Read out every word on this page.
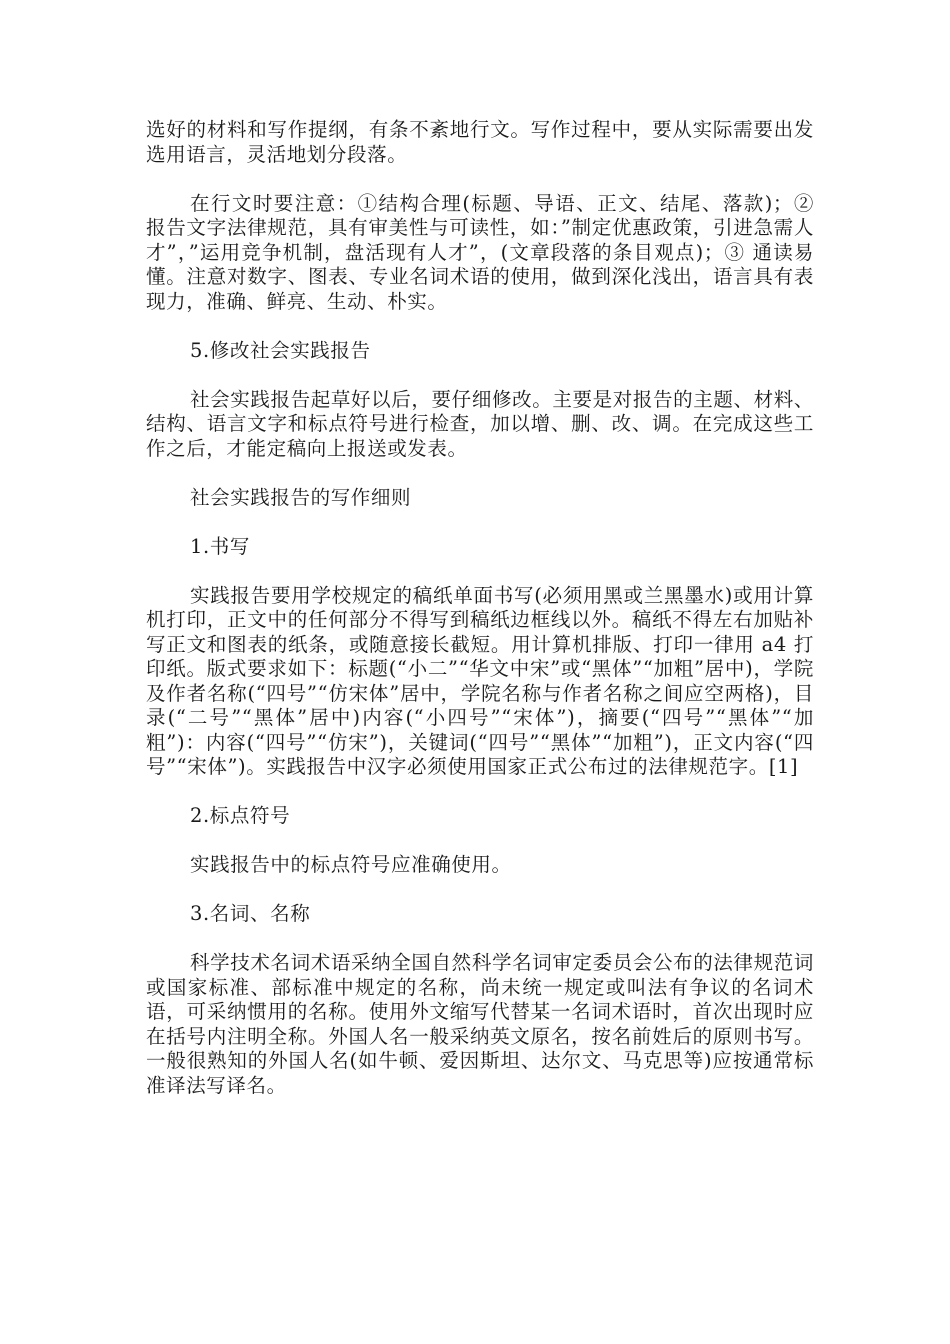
选好的材料和写作提纲，有条不紊地行文。写作过程中，要从实际需要出发选用语言，灵活地划分段落。

在行文时要注意：①结构合理(标题、导语、正文、结尾、落款)；② 报告文字法律规范，具有审美性与可读性，如：”制定优惠政策，引进急需人才”，”运用竞争机制，盘活现有人才”，(文章段落的条目观点)；③ 通读易懂。注意对数字、图表、专业名词术语的使用，做到深化浅出，语言具有表现力，准确、鲜亮、生动、朴实。

5.修改社会实践报告

社会实践报告起草好以后，要仔细修改。主要是对报告的主题、材料、结构、语言文字和标点符号进行检查，加以增、删、改、调。在完成这些工作之后，才能定稿向上报送或发表。

社会实践报告的写作细则

1.书写

实践报告要用学校规定的稿纸单面书写(必须用黑或兰黑墨水)或用计算机打印，正文中的任何部分不得写到稿纸边框线以外。稿纸不得左右加贴补写正文和图表的纸条，或随意接长截短。用计算机排版、打印一律用 a4 打印纸。版式要求如下：标题(“小二”“华文中宋”或“黑体”“加粗”居中)，学院及作者名称(“四号”“仿宋体”居中，学院名称与作者名称之间应空两格)，目录(“二号”“黑体”居中)内容(“小四号”“宋体”)，摘要(“四号”“黑体”“加粗”)：内容(“四号”“仿宋”)，关键词(“四号”“黑体”“加粗”)，正文内容(“四号”“宋体”)。实践报告中汉字必须使用国家正式公布过的法律规范字。[1]

2.标点符号

实践报告中的标点符号应准确使用。

3.名词、名称

科学技术名词术语采纳全国自然科学名词审定委员会公布的法律规范词或国家标准、部标准中规定的名称，尚未统一规定或叫法有争议的名词术语，可采纳惯用的名称。使用外文缩写代替某一名词术语时，首次出现时应在括号内注明全称。外国人名一般采纳英文原名，按名前姓后的原则书写。一般很熟知的外国人名(如牛顿、爱因斯坦、达尔文、马克思等)应按通常标准译法写译名。
